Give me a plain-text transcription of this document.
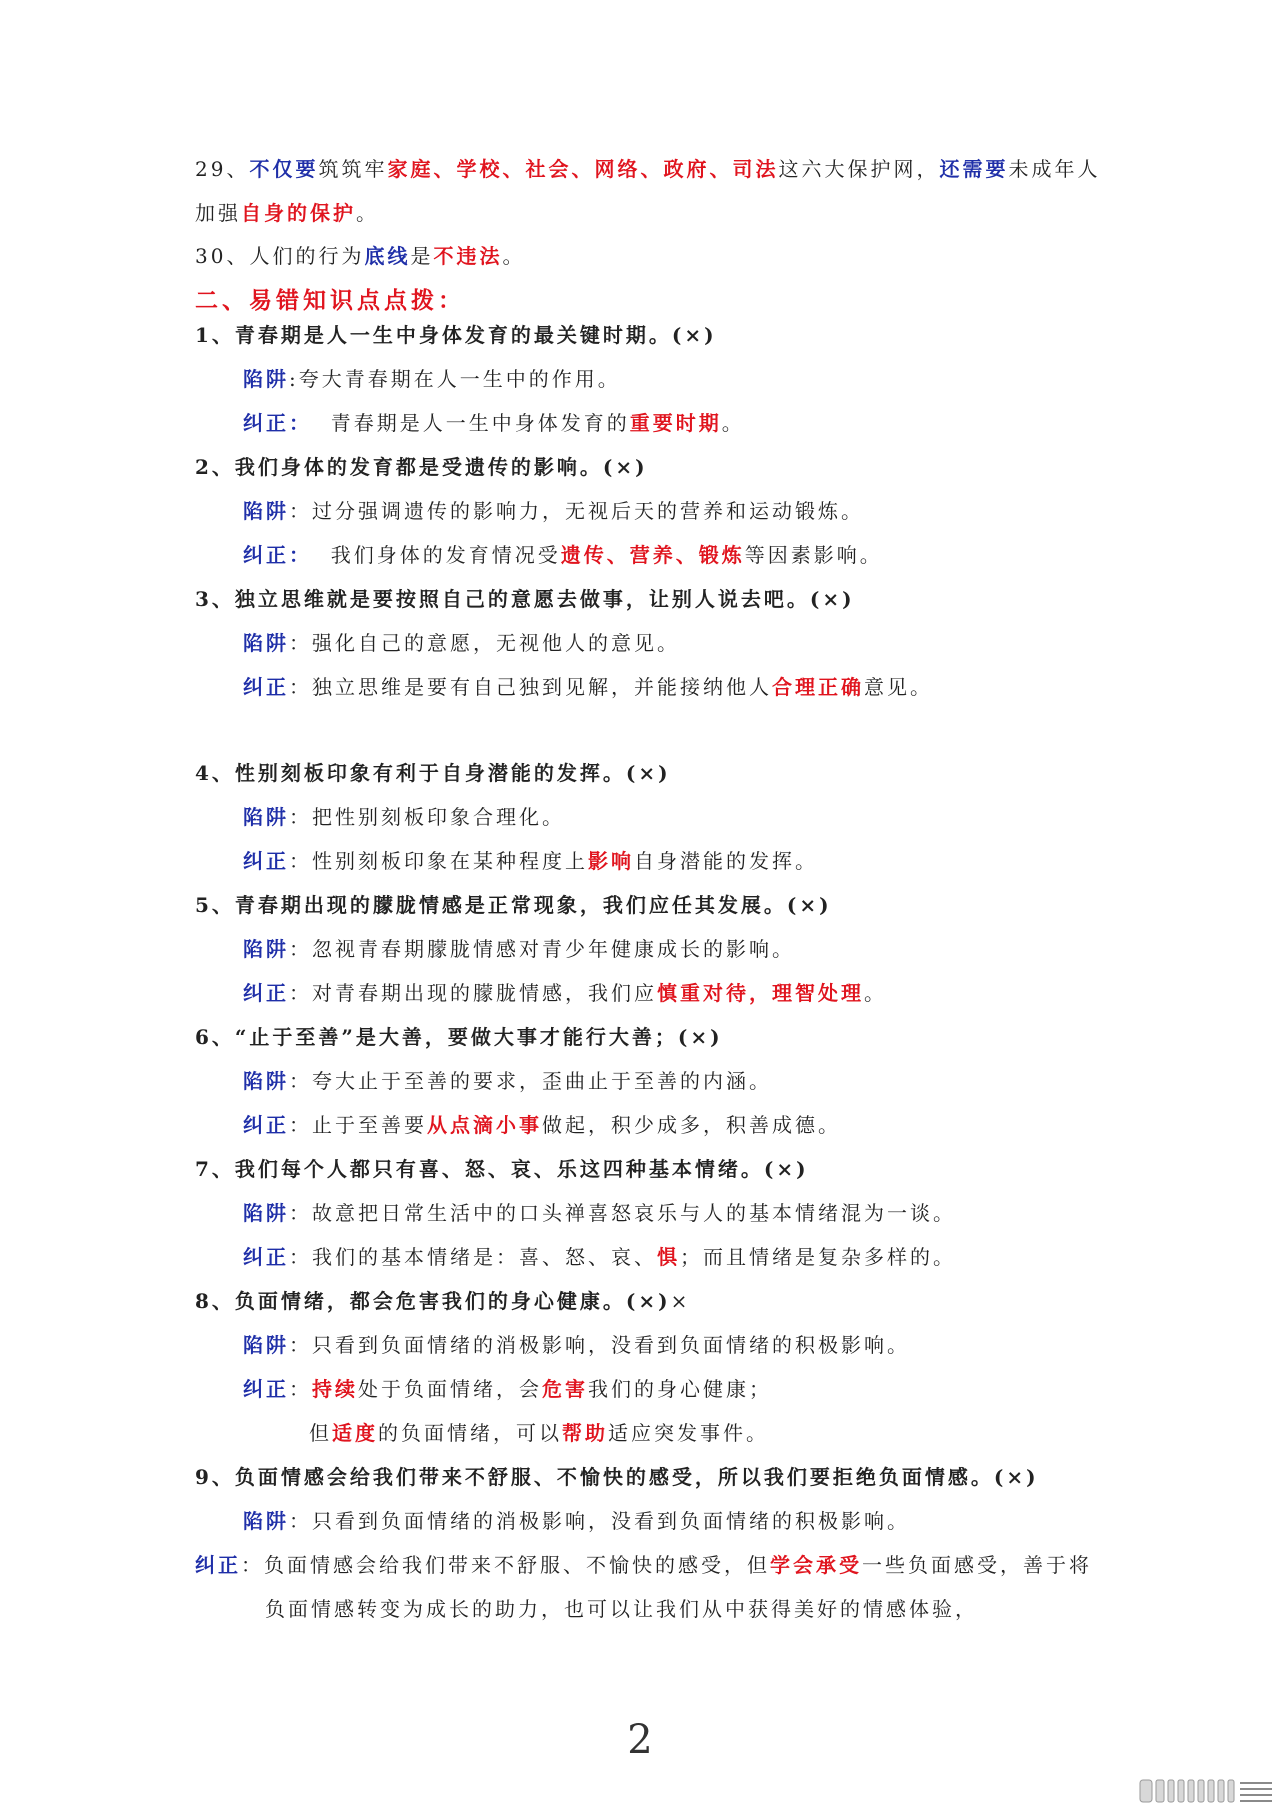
29、不仅要筑筑牢家庭、学校、社会、网络、政府、司法这六大保护网，还需要未成年人
加强自身的保护。
30、人们的行为底线是不违法。
二、易错知识点点拨：
1、青春期是人一生中身体发育的最关键时期。(×)
陷阱:夸大青春期在人一生中的作用。
纠正：  青春期是人一生中身体发育的重要时期。
2、我们身体的发育都是受遗传的影响。(×)
陷阱：过分强调遗传的影响力，无视后天的营养和运动锻炼。
纠正：  我们身体的发育情况受遗传、营养、锻炼等因素影响。
3、独立思维就是要按照自己的意愿去做事，让别人说去吧。(×)
陷阱：强化自己的意愿，无视他人的意见。
纠正：独立思维是要有自己独到见解，并能接纳他人合理正确意见。
4、性别刻板印象有利于自身潜能的发挥。(×)
陷阱：把性别刻板印象合理化。
纠正：性别刻板印象在某种程度上影响自身潜能的发挥。
5、青春期出现的朦胧情感是正常现象，我们应任其发展。(×)
陷阱：忽视青春期朦胧情感对青少年健康成长的影响。
纠正：对青春期出现的朦胧情感，我们应慎重对待，理智处理。
6、“止于至善”是大善，要做大事才能行大善；(×)
陷阱：夸大止于至善的要求，歪曲止于至善的内涵。
纠正：止于至善要从点滴小事做起，积少成多，积善成德。
7、我们每个人都只有喜、怒、哀、乐这四种基本情绪。(×)
陷阱：故意把日常生活中的口头禅喜怒哀乐与人的基本情绪混为一谈。
纠正：我们的基本情绪是：喜、怒、哀、惧；而且情绪是复杂多样的。
8、负面情绪，都会危害我们的身心健康。(×)×
陷阱：只看到负面情绪的消极影响，没看到负面情绪的积极影响。
纠正：持续处于负面情绪，会危害我们的身心健康；
但适度的负面情绪，可以帮助适应突发事件。
9、负面情感会给我们带来不舒服、不愉快的感受，所以我们要拒绝负面情感。(×)
陷阱：只看到负面情绪的消极影响，没看到负面情绪的积极影响。
纠正：负面情感会给我们带来不舒服、不愉快的感受，但学会承受一些负面感受，善于将
负面情感转变为成长的助力，也可以让我们从中获得美好的情感体验，
2
